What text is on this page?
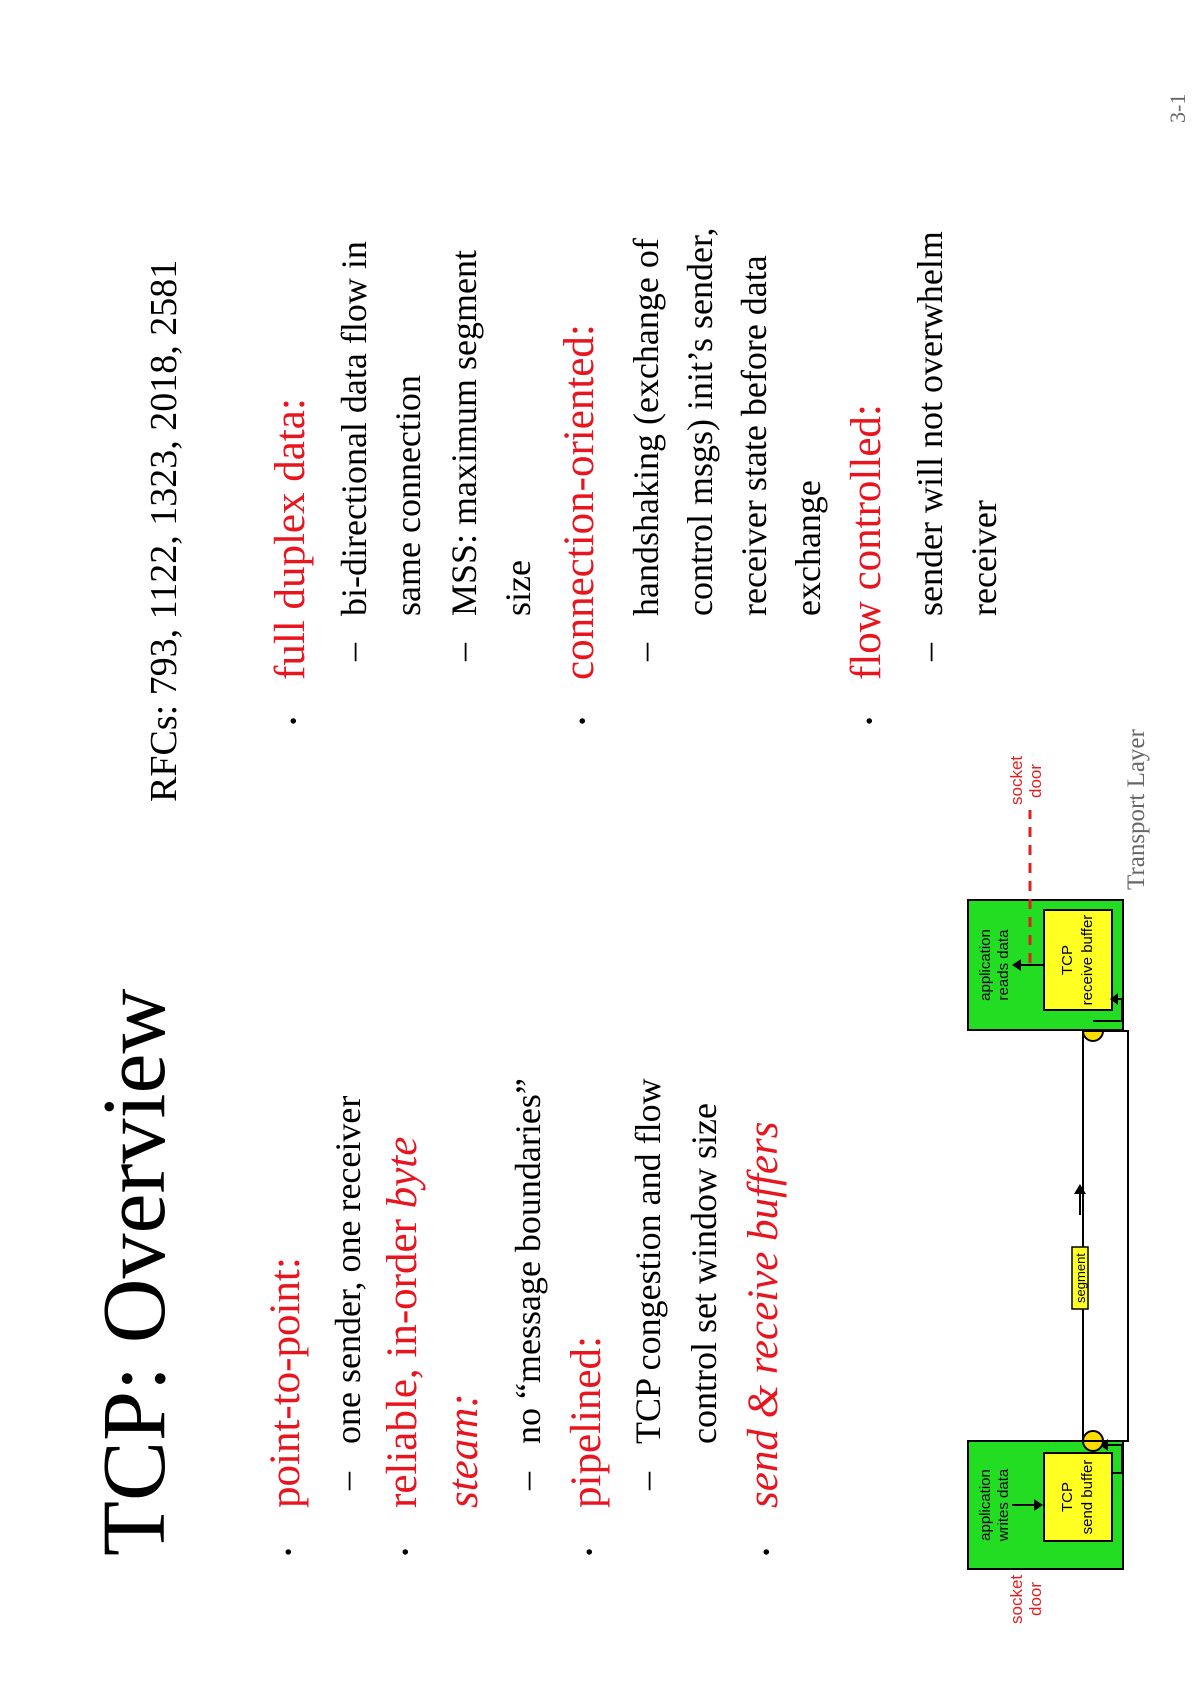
TCP: Overview
RFCs: 793, 1122, 1323, 2018, 2581
•
point-to-point: –
one sender, one receiver
•
reliable, in-order byte
steam: –
no “message boundaries”
•
pipelined: –
TCP congestion and flow control set window size
•
send & receive buffers
•
full duplex data: –
bi-directional data flow in same connection
–
MSS: maximum segment size
•
connection-oriented: –
handshaking (exchange of control msgs) init’s sender, receiver state before data exchange
•
flow controlled: –
sender will not overwhelm receiver
socket door
application writes data	TCP send buffer
segment
application reads data	TCP receive buffer
socket door	Transport Layer
3-1
